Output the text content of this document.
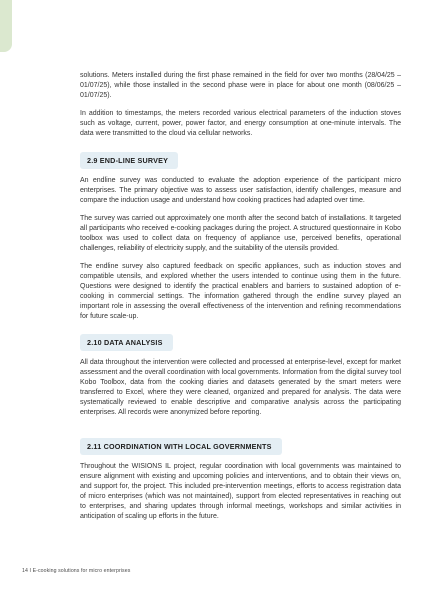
solutions. Meters installed during the first phase remained in the field for over two months (28/04/25 – 01/07/25), while those installed in the second phase were in place for about one month (08/06/25 – 01/07/25).

In addition to timestamps, the meters recorded various electrical parameters of the induction stoves such as voltage, current, power, power factor, and energy consumption at one-minute intervals. The data were transmitted to the cloud via cellular networks.

2.9 END-LINE SURVEY

An endline survey was conducted to evaluate the adoption experience of the participant micro enterprises. The primary objective was to assess user satisfaction, identify challenges, measure and compare the induction usage and understand how cooking practices had adapted over time.

The survey was carried out approximately one month after the second batch of installations. It targeted all participants who received e-cooking packages during the project. A structured questionnaire in Kobo toolbox was used to collect data on frequency of appliance use, perceived benefits, operational challenges, reliability of electricity supply, and the suitability of the utensils provided.

The endline survey also captured feedback on specific appliances, such as induction stoves and compatible utensils, and explored whether the users intended to continue using them in the future. Questions were designed to identify the practical enablers and barriers to sustained adoption of e-cooking in commercial settings. The information gathered through the endline survey played an important role in assessing the overall effectiveness of the intervention and refining recommendations for future scale-up.

2.10 DATA ANALYSIS

All data throughout the intervention were collected and processed at enterprise-level, except for market assessment and the overall coordination with local governments. Information from the digital survey tool Kobo Toolbox, data from the cooking diaries and datasets generated by the smart meters were transferred to Excel, where they were cleaned, organized and prepared for analysis. The data were systematically reviewed to enable descriptive and comparative analysis across the participating enterprises. All records were anonymized before reporting.

2.11 COORDINATION WITH LOCAL GOVERNMENTS

Throughout the WISIONS IL project, regular coordination with local governments was maintained to ensure alignment with existing and upcoming policies and interventions, and to obtain their views on, and support for, the project. This included pre-intervention meetings, efforts to access registration data of micro enterprises (which was not maintained), support from elected representatives in reaching out to enterprises, and sharing updates through informal meetings, workshops and similar activities in anticipation of scaling up efforts in the future.

14 I E-cooking solutions for micro enterprises
